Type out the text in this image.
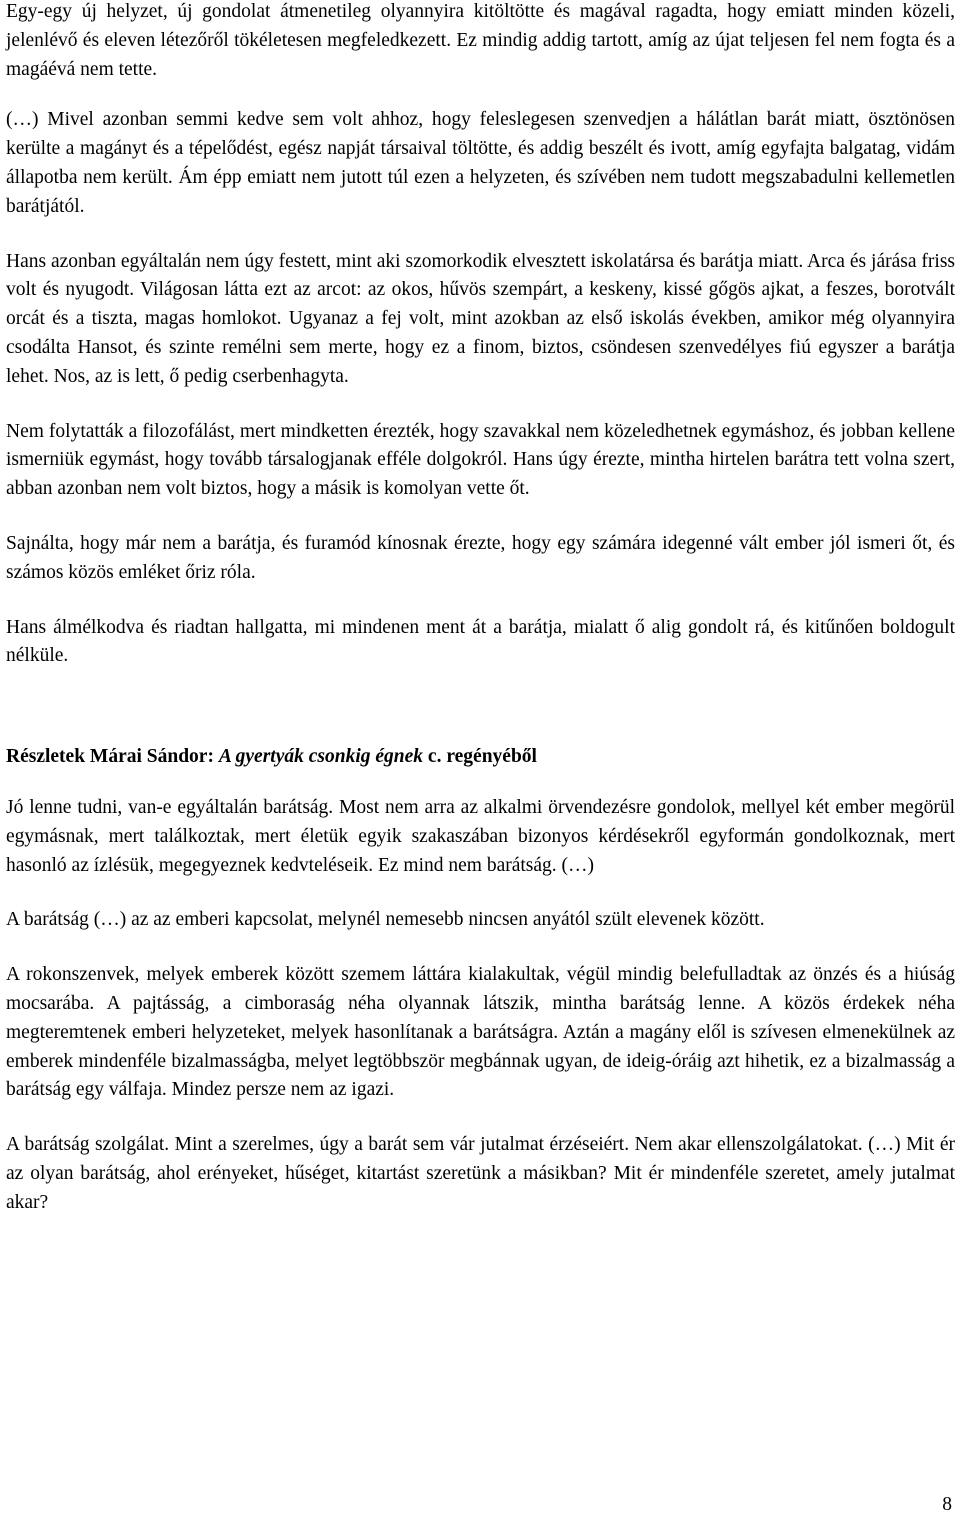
Egy-egy új helyzet, új gondolat átmenetileg olyannyira kitöltötte és magával ragadta, hogy emiatt minden közeli, jelenlévő és eleven létezőről tökéletesen megfeledkezett. Ez mindig addig tartott, amíg az újat teljesen fel nem fogta és a magáévá nem tette.

(…) Mivel azonban semmi kedve sem volt ahhoz, hogy feleslegesen szenvedjen a hálátlan barát miatt, ösztönösen kerülte a magányt és a tépelődést, egész napját társaival töltötte, és addig beszélt és ivott, amíg egyfajta balgatag, vidám állapotba nem került. Ám épp emiatt nem jutott túl ezen a helyzeten, és szívében nem tudott megszabadulni kellemetlen barátjától.

Hans azonban egyáltalán nem úgy festett, mint aki szomorkodik elvesztett iskolatársa és barátja miatt. Arca és járása friss volt és nyugodt. Világosan látta ezt az arcot: az okos, hűvös szempárt, a keskeny, kissé gőgös ajkat, a feszes, borotvált orcát és a tiszta, magas homlokot. Ugyanaz a fej volt, mint azokban az első iskolás években, amikor még olyannyira csodálta Hansot, és szinte remélni sem merte, hogy ez a finom, biztos, csöndesen szenvedélyes fiú egyszer a barátja lehet. Nos, az is lett, ő pedig cserbenhagyta.

Nem folytatták a filozofálást, mert mindketten érezték, hogy szavakkal nem közeledhetnek egymáshoz, és jobban kellene ismerniük egymást, hogy tovább társalogjanak efféle dolgokról. Hans úgy érezte, mintha hirtelen barátra tett volna szert, abban azonban nem volt biztos, hogy a másik is komolyan vette őt.

Sajnálta, hogy már nem a barátja, és furamód kínosnak érezte, hogy egy számára idegenné vált ember jól ismeri őt, és számos közös emléket őriz róla.

Hans álmélkodva és riadtan hallgatta, mi mindenen ment át a barátja, mialatt ő alig gondolt rá, és kitűnően boldogult nélküle.

Részletek Márai Sándor: A gyertyák csonkig égnek c. regényéből

Jó lenne tudni, van-e egyáltalán barátság. Most nem arra az alkalmi örvendezésre gondolok, mellyel két ember megörül egymásnak, mert találkoztak, mert életük egyik szakaszában bizonyos kérdésekről egyformán gondolkoznak, mert hasonló az ízlésük, megegyeznek kedvteléseik. Ez mind nem barátság. (…)

A barátság (…) az az emberi kapcsolat, melynél nemesebb nincsen anyától szült elevenek között.

A rokonszenvek, melyek emberek között szemem láttára kialakultak, végül mindig belefulladtak az önzés és a hiúság mocsarába. A pajtásság, a cimboraság néha olyannak látszik, mintha barátság lenne. A közös érdekek néha megteremtenek emberi helyzeteket, melyek hasonlítanak a barátságra. Aztán a magány elől is szívesen elmenekülnek az emberek mindenféle bizalmasságba, melyet legtöbbször megbánnak ugyan, de ideig-óráig azt hihetik, ez a bizalmasság a barátság egy válfaja. Mindez persze nem az igazi.

A barátság szolgálat. Mint a szerelmes, úgy a barát sem vár jutalmat érzéseiért. Nem akar ellenszolgálatokat. (…) Mit ér az olyan barátság, ahol erényeket, hűséget, kitartást szeretünk a másikban? Mit ér mindenféle szeretet, amely jutalmat akar?

8
